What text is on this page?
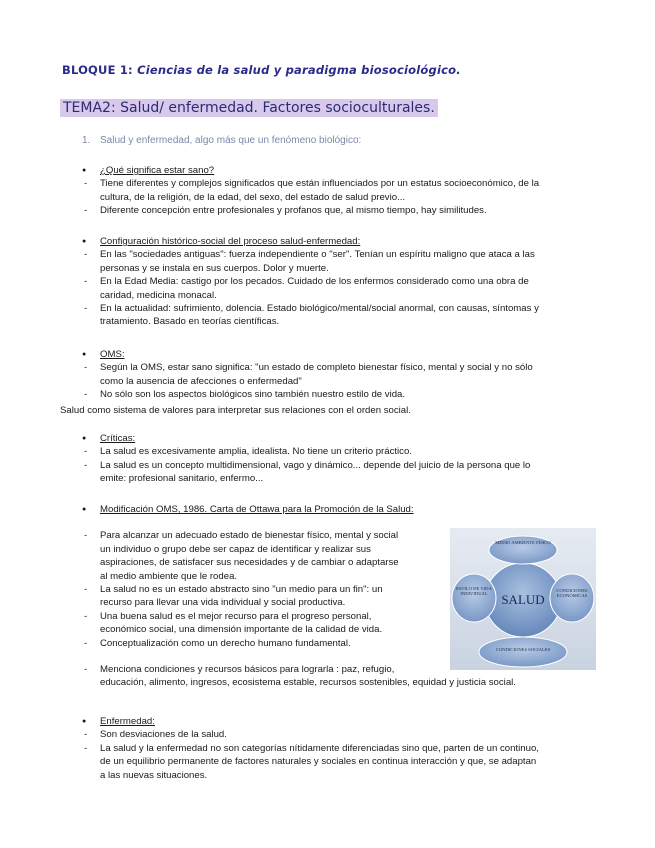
BLOQUE 1: Ciencias de la salud y paradigma biosociológico.
TEMA2: Salud/ enfermedad. Factores socioculturales.
1. Salud y enfermedad, algo más que un fenómeno biológico:
● ¿Qué significa estar sano?
- Tiene diferentes y complejos significados que están influenciados por un estatus socioeconómico, de la
cultura, de la religión, de la edad, del sexo, del estado de salud previo...
- Diferente concepción entre profesionales y profanos que, al mismo tiempo, hay similitudes.
● Configuración histórico-social del proceso salud-enfermedad:
- En las "sociedades antiguas": fuerza independiente o "ser". Tenían un espíritu maligno que ataca a las
personas y se instala en sus cuerpos. Dolor y muerte.
- En la Edad Media: castigo por los pecados. Cuidado de los enfermos considerado como una obra de
caridad, medicina monacal.
- En la actualidad: sufrimiento, dolencia. Estado biológico/mental/social anormal, con causas, síntomas y
tratamiento. Basado en teorías científicas.
● OMS:
- Según la OMS, estar sano significa: "un estado de completo bienestar físico, mental y social y no sólo
como la ausencia de afecciones o enfermedad"
- No sólo son los aspectos biológicos sino también nuestro estilo de vida.
Salud como sistema de valores para interpretar sus relaciones con el orden social.
● Críticas:
- La salud es excesivamente amplia, idealista. No tiene un criterio práctico.
- La salud es un concepto multidimensional, vago y dinámico... depende del juicio de la persona que lo
emite: profesional sanitario, enfermo...
● Modificación OMS, 1986. Carta de Ottawa para la Promoción de la Salud:
- Para alcanzar un adecuado estado de bienestar físico, mental y social
un individuo o grupo debe ser capaz de identificar y realizar sus
aspiraciones, de satisfacer sus necesidades y de cambiar o adaptarse
al medio ambiente que le rodea.
- La salud no es un estado abstracto sino "un medio para un fin": un
recurso para llevar una vida individual y social productiva.
- Una buena salud es el mejor recurso para el progreso personal,
económico social, una dimensión importante de la calidad de vida.
- Conceptualización como un derecho humano fundamental.
- Menciona condiciones y recursos básicos para lograrla : paz, refugio,
educación, alimento, ingresos, ecosistema estable, recursos sostenibles, equidad y justicia social.
SALUD
MEDIO AMBIENTE FÍSICO
ESTILO DE VIDA INDIVIDUAL
CONDICIONES ECONÓMICAS
CONDICIONES SOCIALES
● Enfermedad:
- Son desviaciones de la salud.
- La salud y la enfermedad no son categorías nítidamente diferenciadas sino que, parten de un continuo,
de un equilibrio permanente de factores naturales y sociales en continua interacción y que, se adaptan
a las nuevas situaciones.
